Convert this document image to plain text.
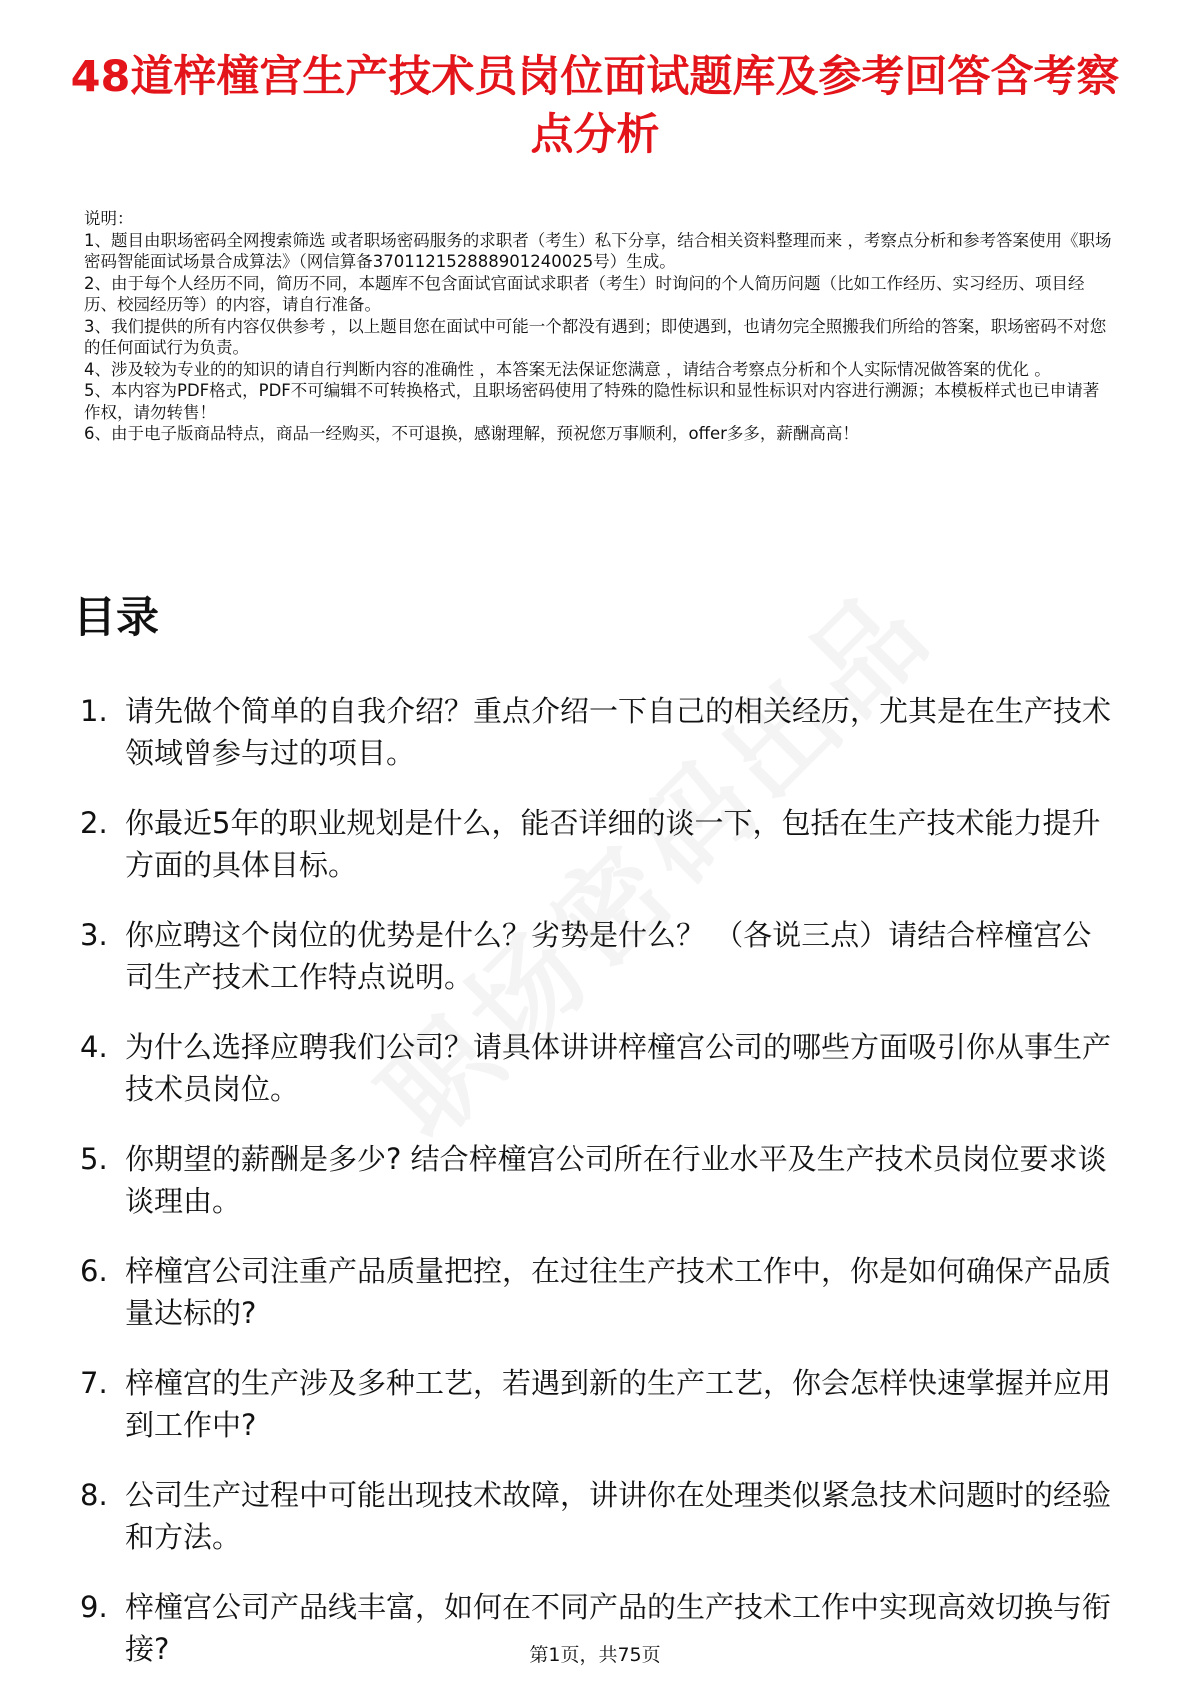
48道梓橦宫生产技术员岗位面试题库及参考回答含考察点分析

说明：

1、题目由职场密码全网搜索筛选 或者职场密码服务的求职者（考生）私下分享，结合相关资料整理而来 ，考察点分析和参考答案使用《职场密码智能面试场景合成算法》（网信算备370112152888901240025号）生成。

2、由于每个人经历不同，简历不同，本题库不包含面试官面试求职者（考生）时询问的个人简历问题（比如工作经历、实习经历、项目经历、校园经历等）的内容，请自行准备。

3、我们提供的所有内容仅供参考 ，以上题目您在面试中可能一个都没有遇到；即使遇到，也请勿完全照搬我们所给的答案，职场密码不对您的任何面试行为负责。

4、涉及较为专业的的知识的请自行判断内容的准确性 ，本答案无法保证您满意 ，请结合考察点分析和个人实际情况做答案的优化 。

5、本内容为PDF格式，PDF不可编辑不可转换格式，且职场密码使用了特殊的隐性标识和显性标识对内容进行溯源；本模板样式也已申请著作权，请勿转售！

6、由于电子版商品特点，商品一经购买，不可退换，感谢理解，预祝您万事顺利，offer多多，薪酬高高！

目录
1. 请先做个简单的自我介绍？重点介绍一下自己的相关经历，尤其是在生产技术领域曾参与过的项目。
2. 你最近5年的职业规划是什么，能否详细的谈一下，包括在生产技术能力提升方面的具体目标。
3. 你应聘这个岗位的优势是什么？劣势是什么？ （各说三点）请结合梓橦宫公司生产技术工作特点说明。
4. 为什么选择应聘我们公司？请具体讲讲梓橦宫公司的哪些方面吸引你从事生产技术员岗位。
5. 你期望的薪酬是多少? 结合梓橦宫公司所在行业水平及生产技术员岗位要求谈谈理由。
6. 梓橦宫公司注重产品质量把控，在过往生产技术工作中，你是如何确保产品质量达标的?
7. 梓橦宫的生产涉及多种工艺，若遇到新的生产工艺，你会怎样快速掌握并应用到工作中?
8. 公司生产过程中可能出现技术故障，讲讲你在处理类似紧急技术问题时的经验和方法。
9. 梓橦宫公司产品线丰富，如何在不同产品的生产技术工作中实现高效切换与衔接?	第1页，共75页
